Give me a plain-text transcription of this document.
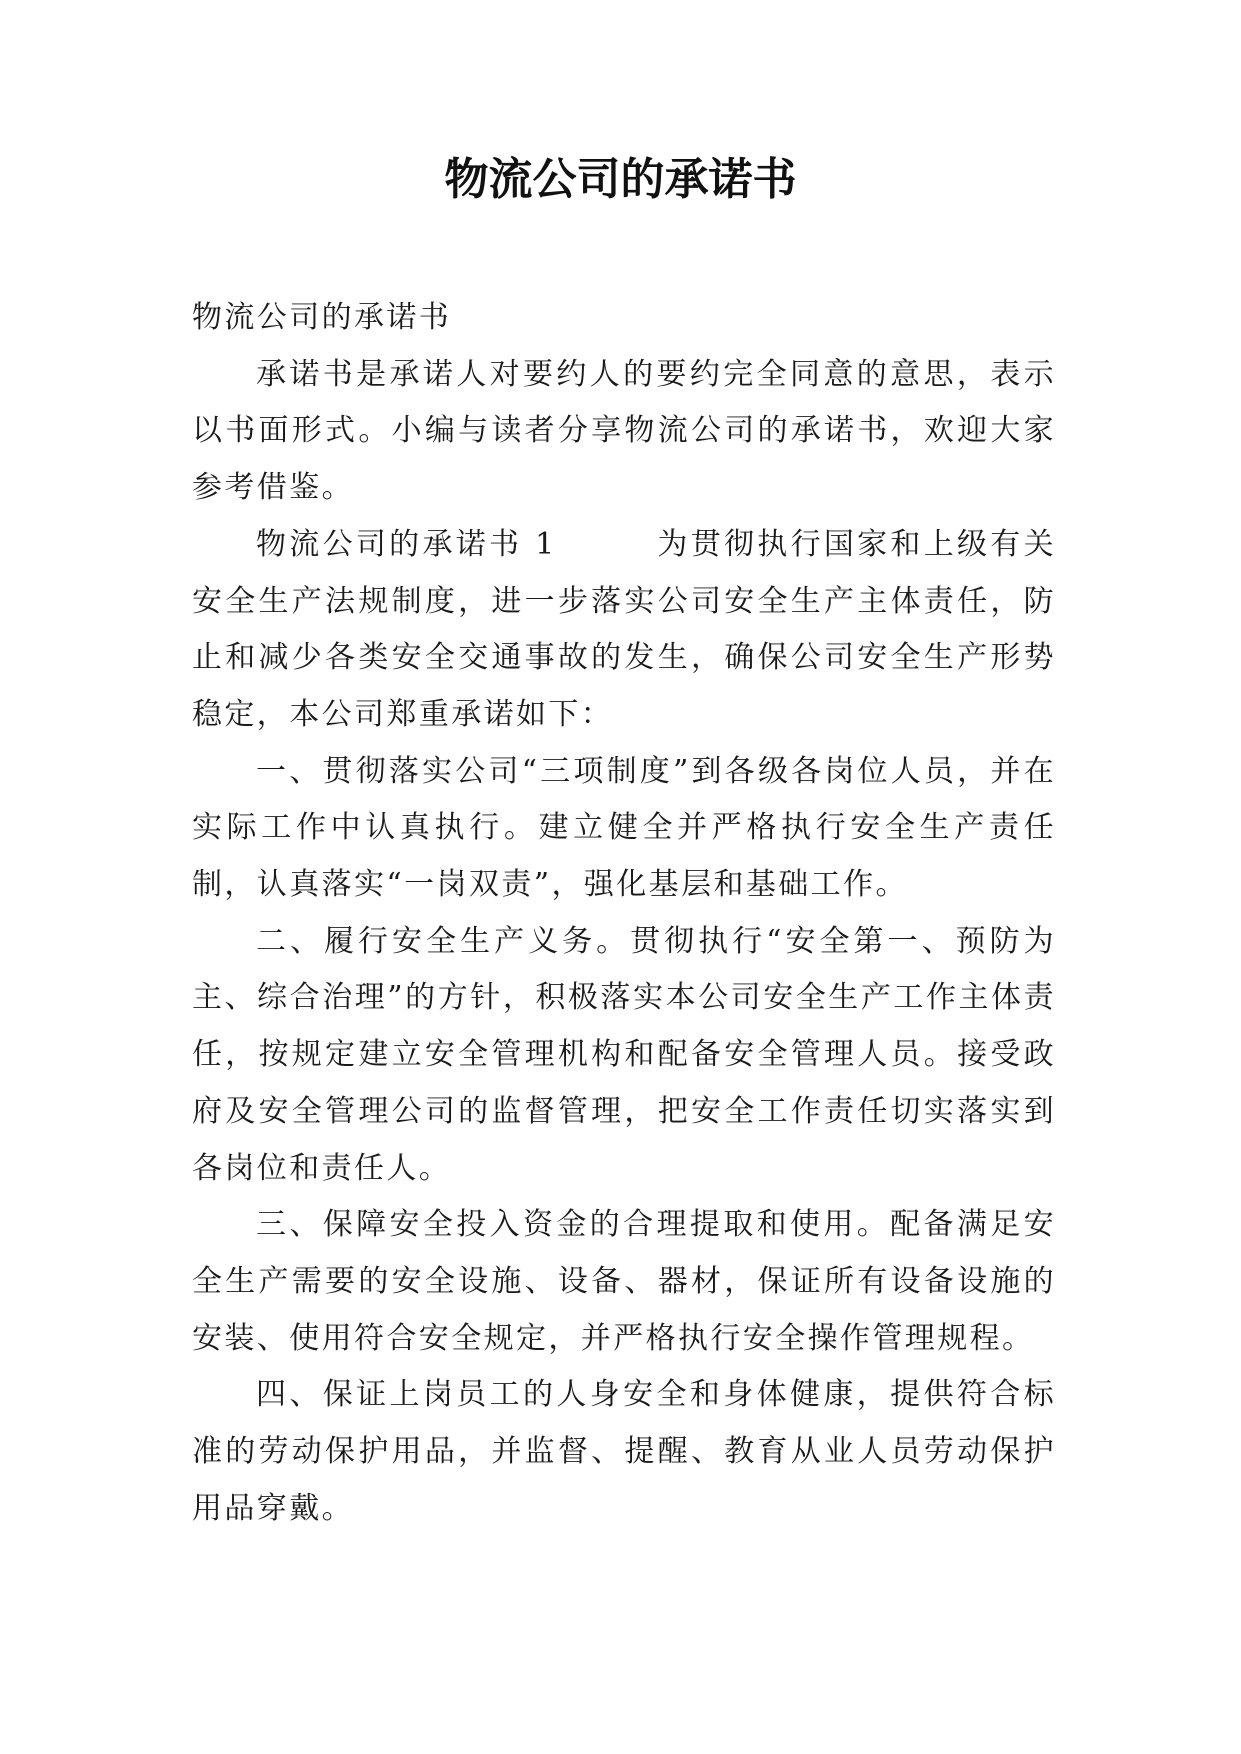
物流公司的承诺书

物流公司的承诺书

承诺书是承诺人对要约人的要约完全同意的意思，表示以书面形式。小编与读者分享物流公司的承诺书，欢迎大家参考借鉴。

物流公司的承诺书 1　　　为贯彻执行国家和上级有关安全生产法规制度，进一步落实公司安全生产主体责任，防止和减少各类安全交通事故的发生，确保公司安全生产形势稳定，本公司郑重承诺如下：

一、贯彻落实公司“三项制度”到各级各岗位人员，并在实际工作中认真执行。建立健全并严格执行安全生产责任制，认真落实“一岗双责”，强化基层和基础工作。

二、履行安全生产义务。贯彻执行“安全第一、预防为主、综合治理”的方针，积极落实本公司安全生产工作主体责任，按规定建立安全管理机构和配备安全管理人员。接受政府及安全管理公司的监督管理，把安全工作责任切实落实到各岗位和责任人。

三、保障安全投入资金的合理提取和使用。配备满足安全生产需要的安全设施、设备、器材，保证所有设备设施的安装、使用符合安全规定，并严格执行安全操作管理规程。

四、保证上岗员工的人身安全和身体健康，提供符合标准的劳动保护用品，并监督、提醒、教育从业人员劳动保护用品穿戴。
